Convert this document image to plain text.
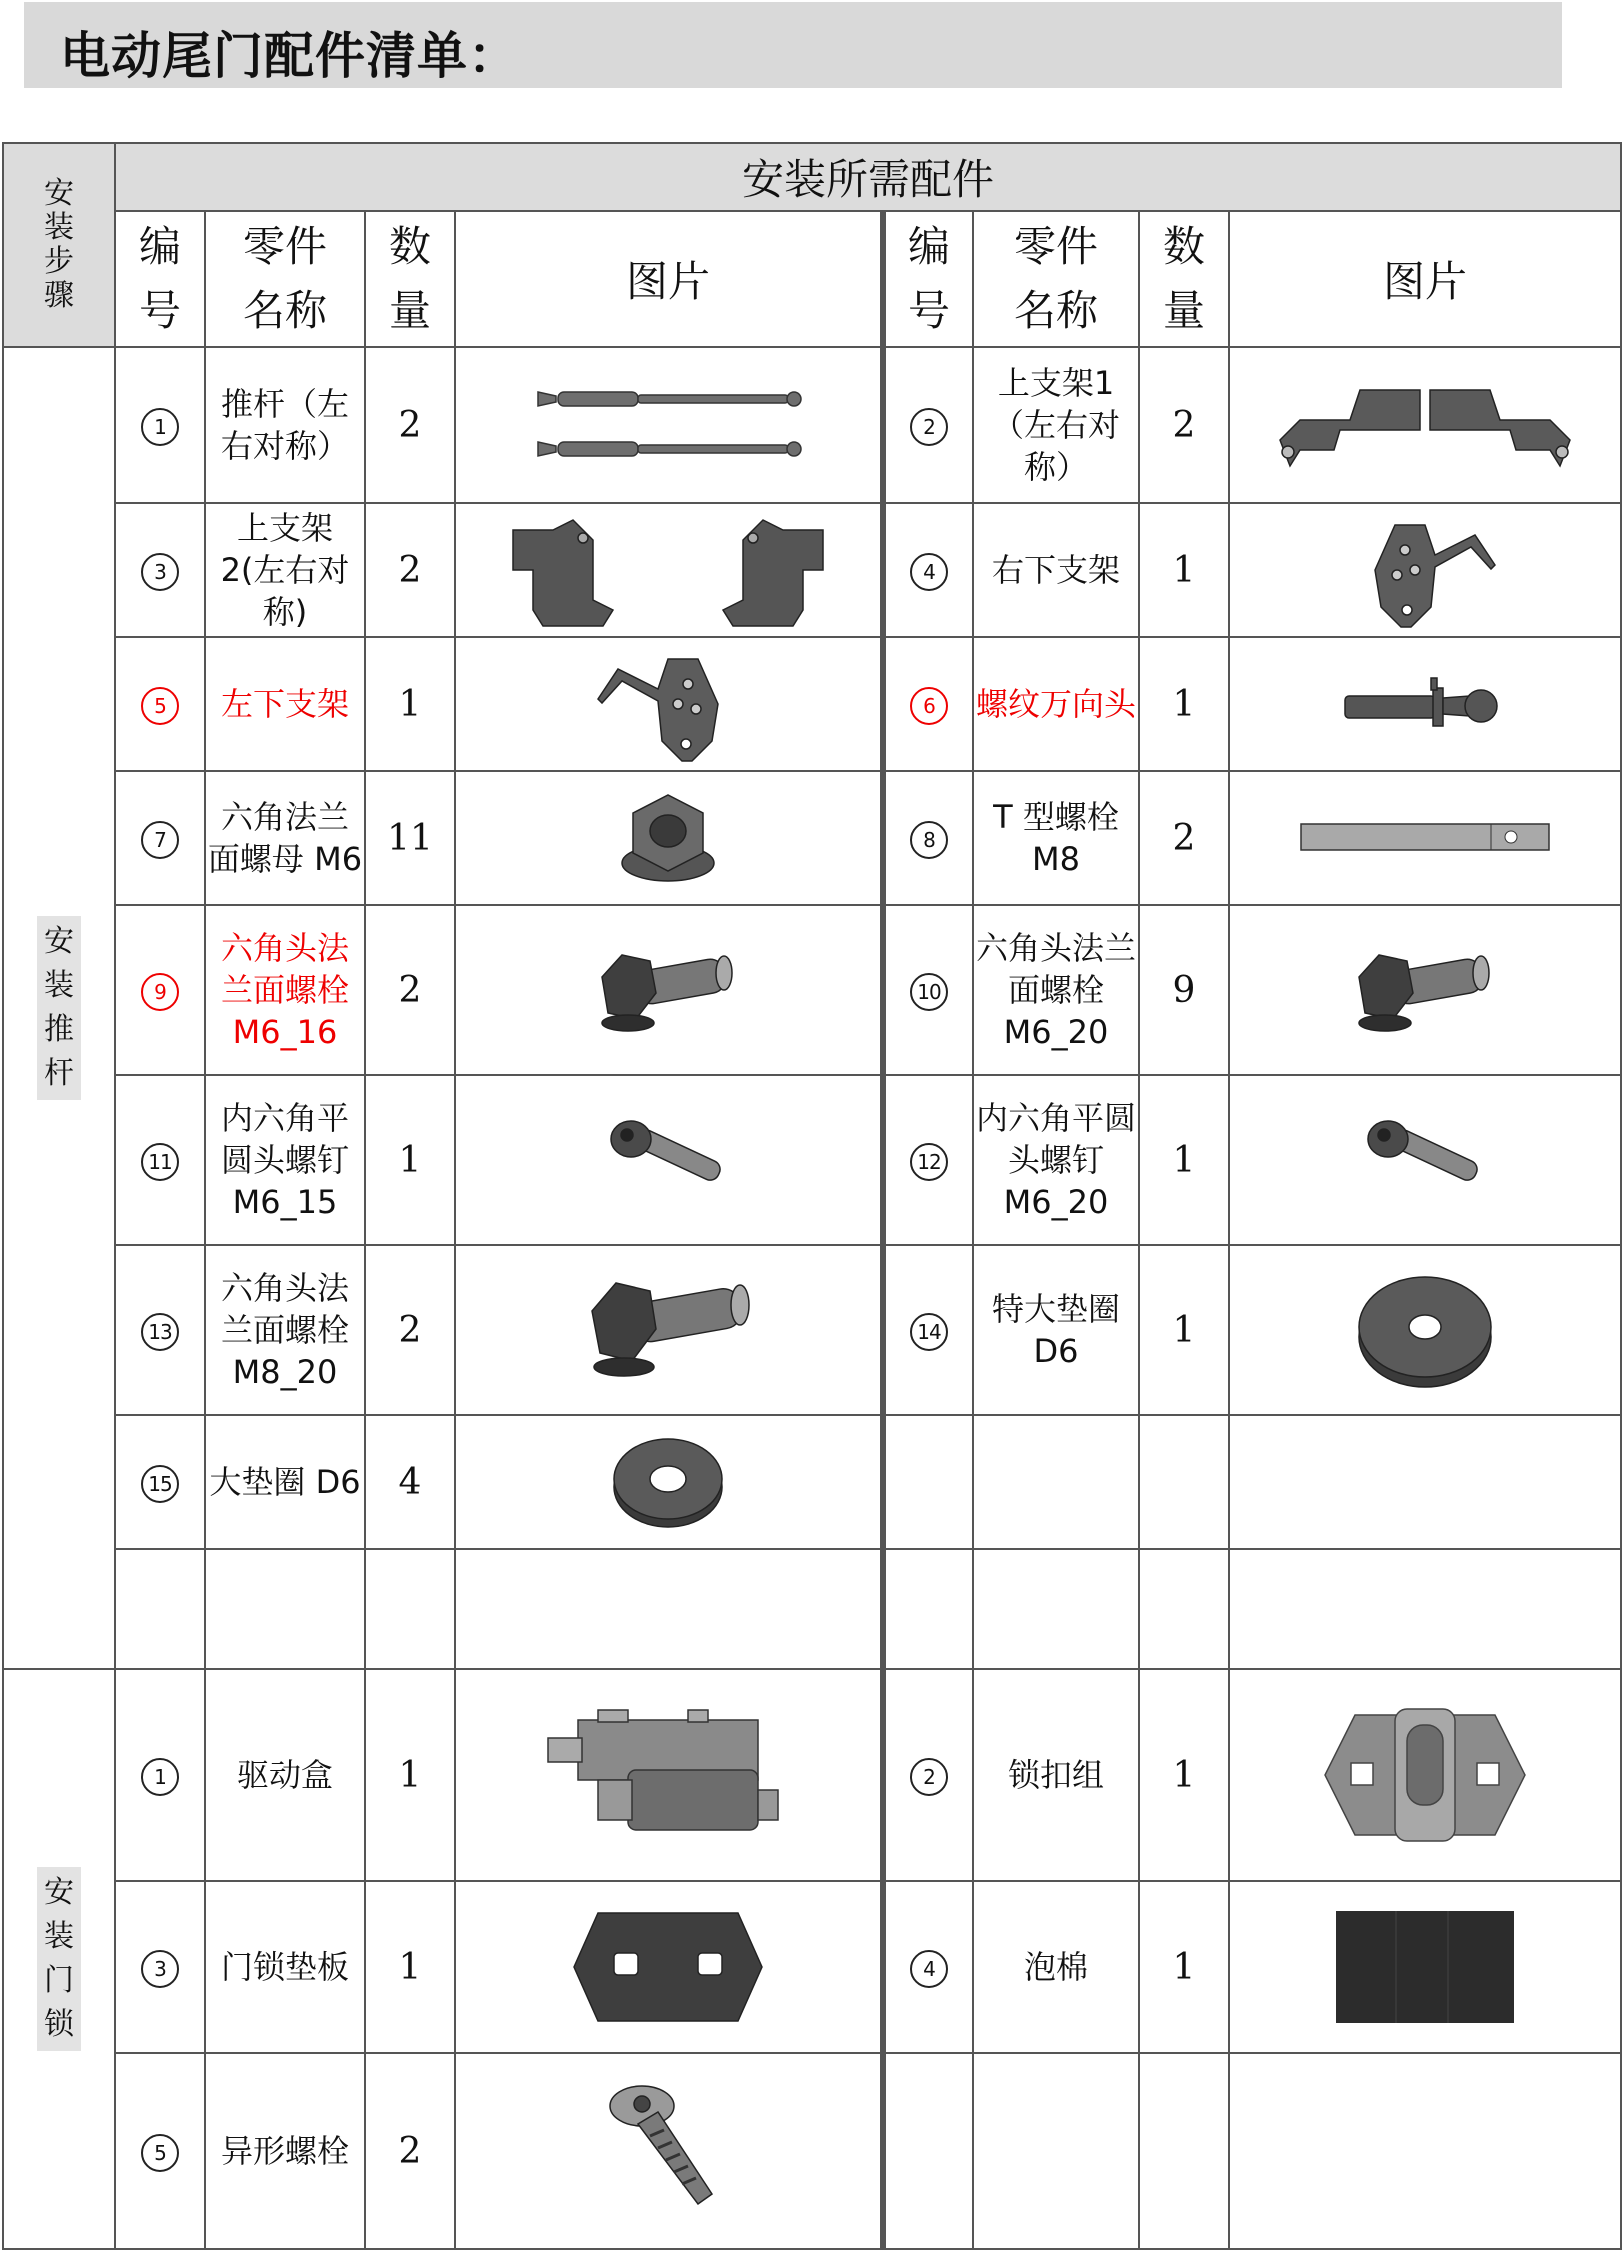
电动尾门配件清单：
安装步骤	安装所需配件							

	编号	零件名称	数量	图片	编号	零件名称	数量	图片
安装推杆	1	推杆（左右对称）	2		2	上支架1（左右对称）	2	

	3	上支架2(左右对称)	2		4	右下支架	1	

	5	左下支架	1		6	螺纹万向头	1	

	7	六角法兰面螺母 M6	11		8	T 型螺栓 M8	2	

	9	六角头法兰面螺栓 M6_16	2		10	六角头法兰面螺栓 M6_20	9	

	11	内六角平圆头螺钉 M6_15	1		12	内六角平圆头螺钉 M6_20	1	

	13	六角头法兰面螺栓 M8_20	2		14	特大垫圈 D6	1	

	15	大垫圈 D6	4	

安装门锁	1	驱动盒	1		2	锁扣组	1	

	3	门锁垫板	1		4	泡棉	1	

	5	异形螺栓	2	
